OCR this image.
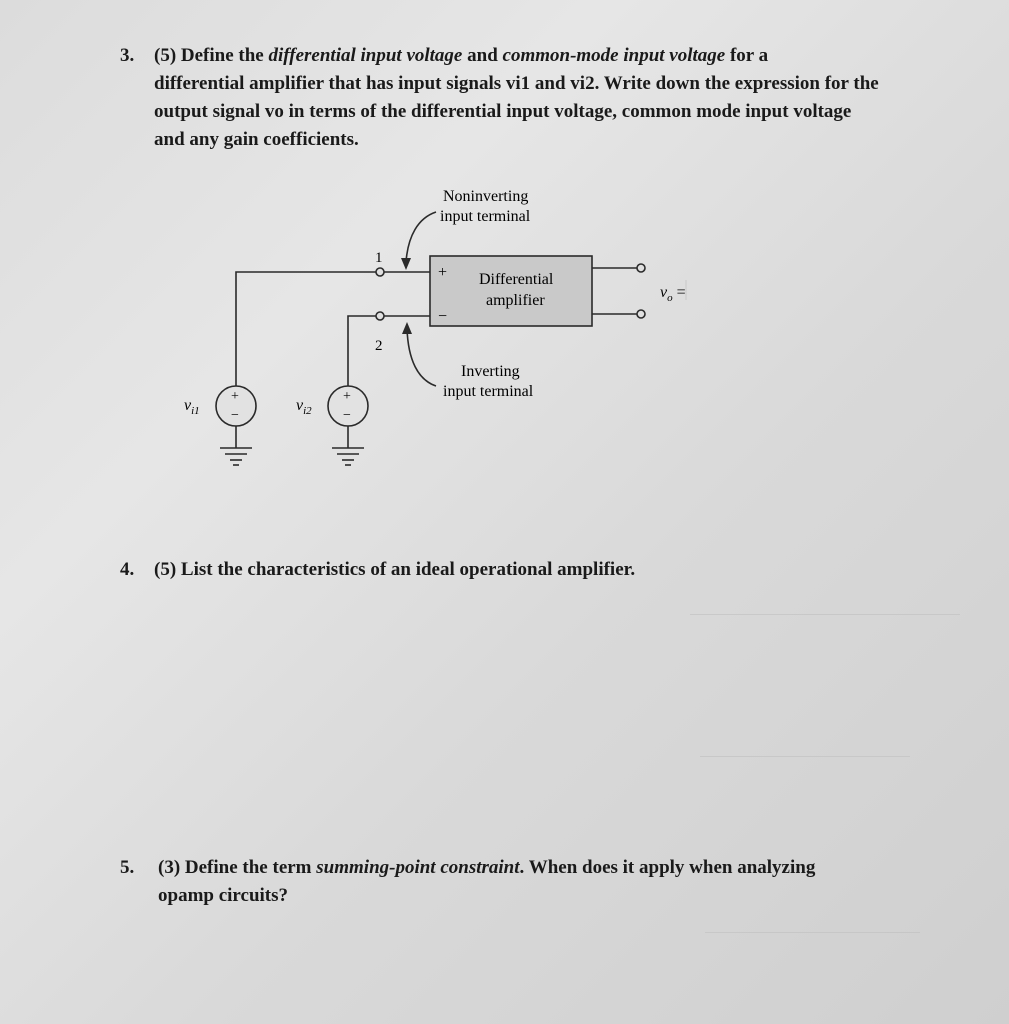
3. (5) Define the differential input voltage and common-mode input voltage for a
differential amplifier that has input signals vi1 and vi2. Write down the expression for the
output signal vo in terms of the differential input voltage, common mode input voltage
and any gain coefficients.
Noninverting
input terminal
Inverting
input terminal
Differential
amplifier
+
−
1
2
$v_o$ =
$v_{i1}$	$v_{i2}$
+
−
+
−
4. (5) List the characteristics of an ideal operational amplifier.
5. (3) Define the term summing-point constraint. When does it apply when analyzing
opamp circuits?
